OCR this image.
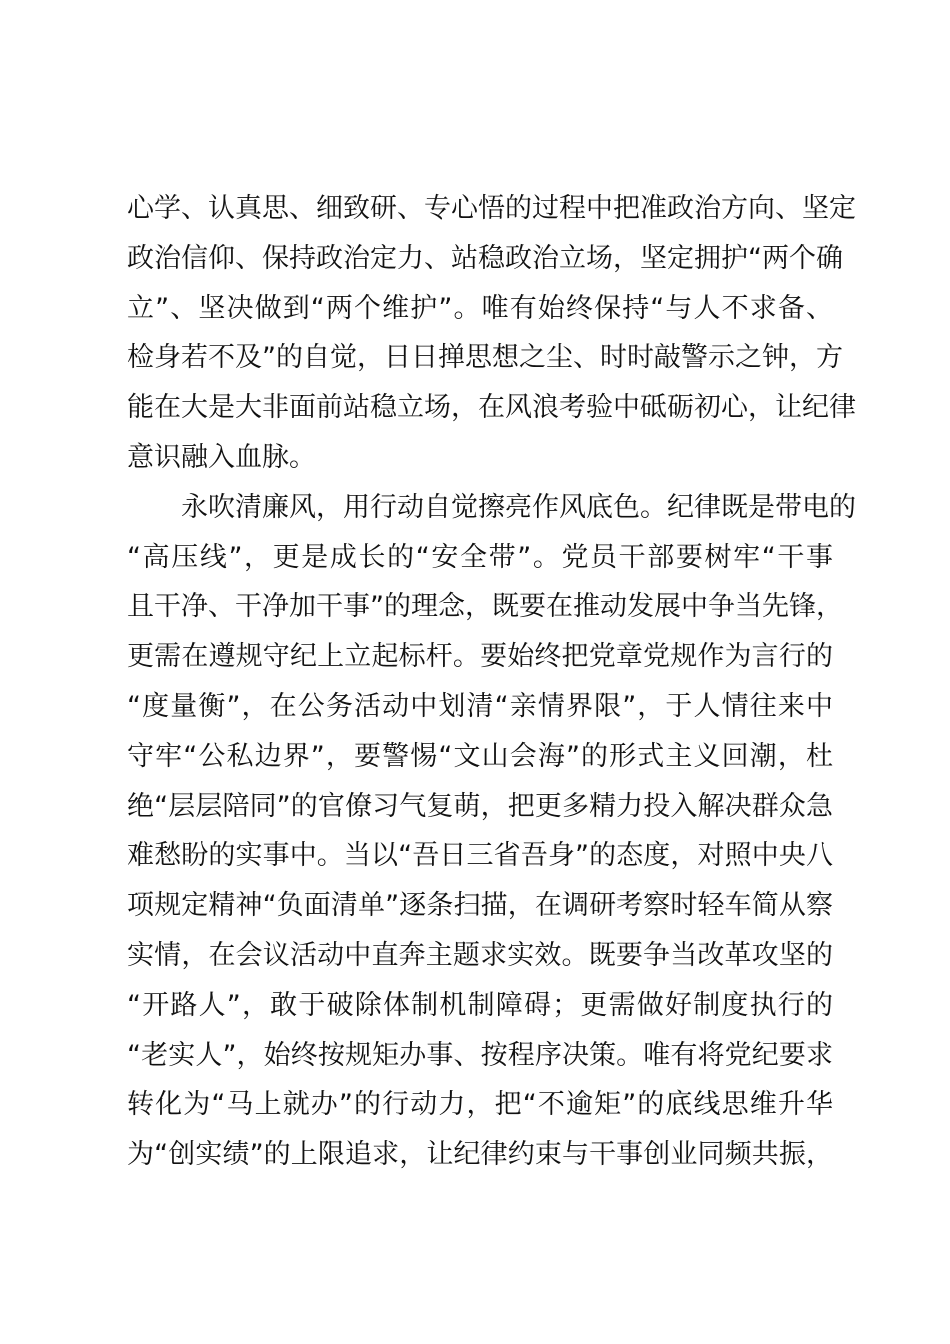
心学、认真思、细致研、专心悟的过程中把准政治方向、坚定
政治信仰、保持政治定力、站稳政治立场，坚定拥护“两个确
立”、坚决做到“两个维护”。唯有始终保持“与人不求备、
检身若不及”的自觉，日日掸思想之尘、时时敲警示之钟，方
能在大是大非面前站稳立场，在风浪考验中砥砺初心，让纪律
意识融入血脉。
　　永吹清廉风，用行动自觉擦亮作风底色。纪律既是带电的
“高压线”，更是成长的“安全带”。党员干部要树牢“干事
且干净、干净加干事”的理念，既要在推动发展中争当先锋，
更需在遵规守纪上立起标杆。要始终把党章党规作为言行的
“度量衡”，在公务活动中划清“亲情界限”，于人情往来中
守牢“公私边界”，要警惕“文山会海”的形式主义回潮，杜
绝“层层陪同”的官僚习气复萌，把更多精力投入解决群众急
难愁盼的实事中。当以“吾日三省吾身”的态度，对照中央八
项规定精神“负面清单”逐条扫描，在调研考察时轻车简从察
实情，在会议活动中直奔主题求实效。既要争当改革攻坚的
“开路人”，敢于破除体制机制障碍；更需做好制度执行的
“老实人”，始终按规矩办事、按程序决策。唯有将党纪要求
转化为“马上就办”的行动力，把“不逾矩”的底线思维升华
为“创实绩”的上限追求，让纪律约束与干事创业同频共振，
